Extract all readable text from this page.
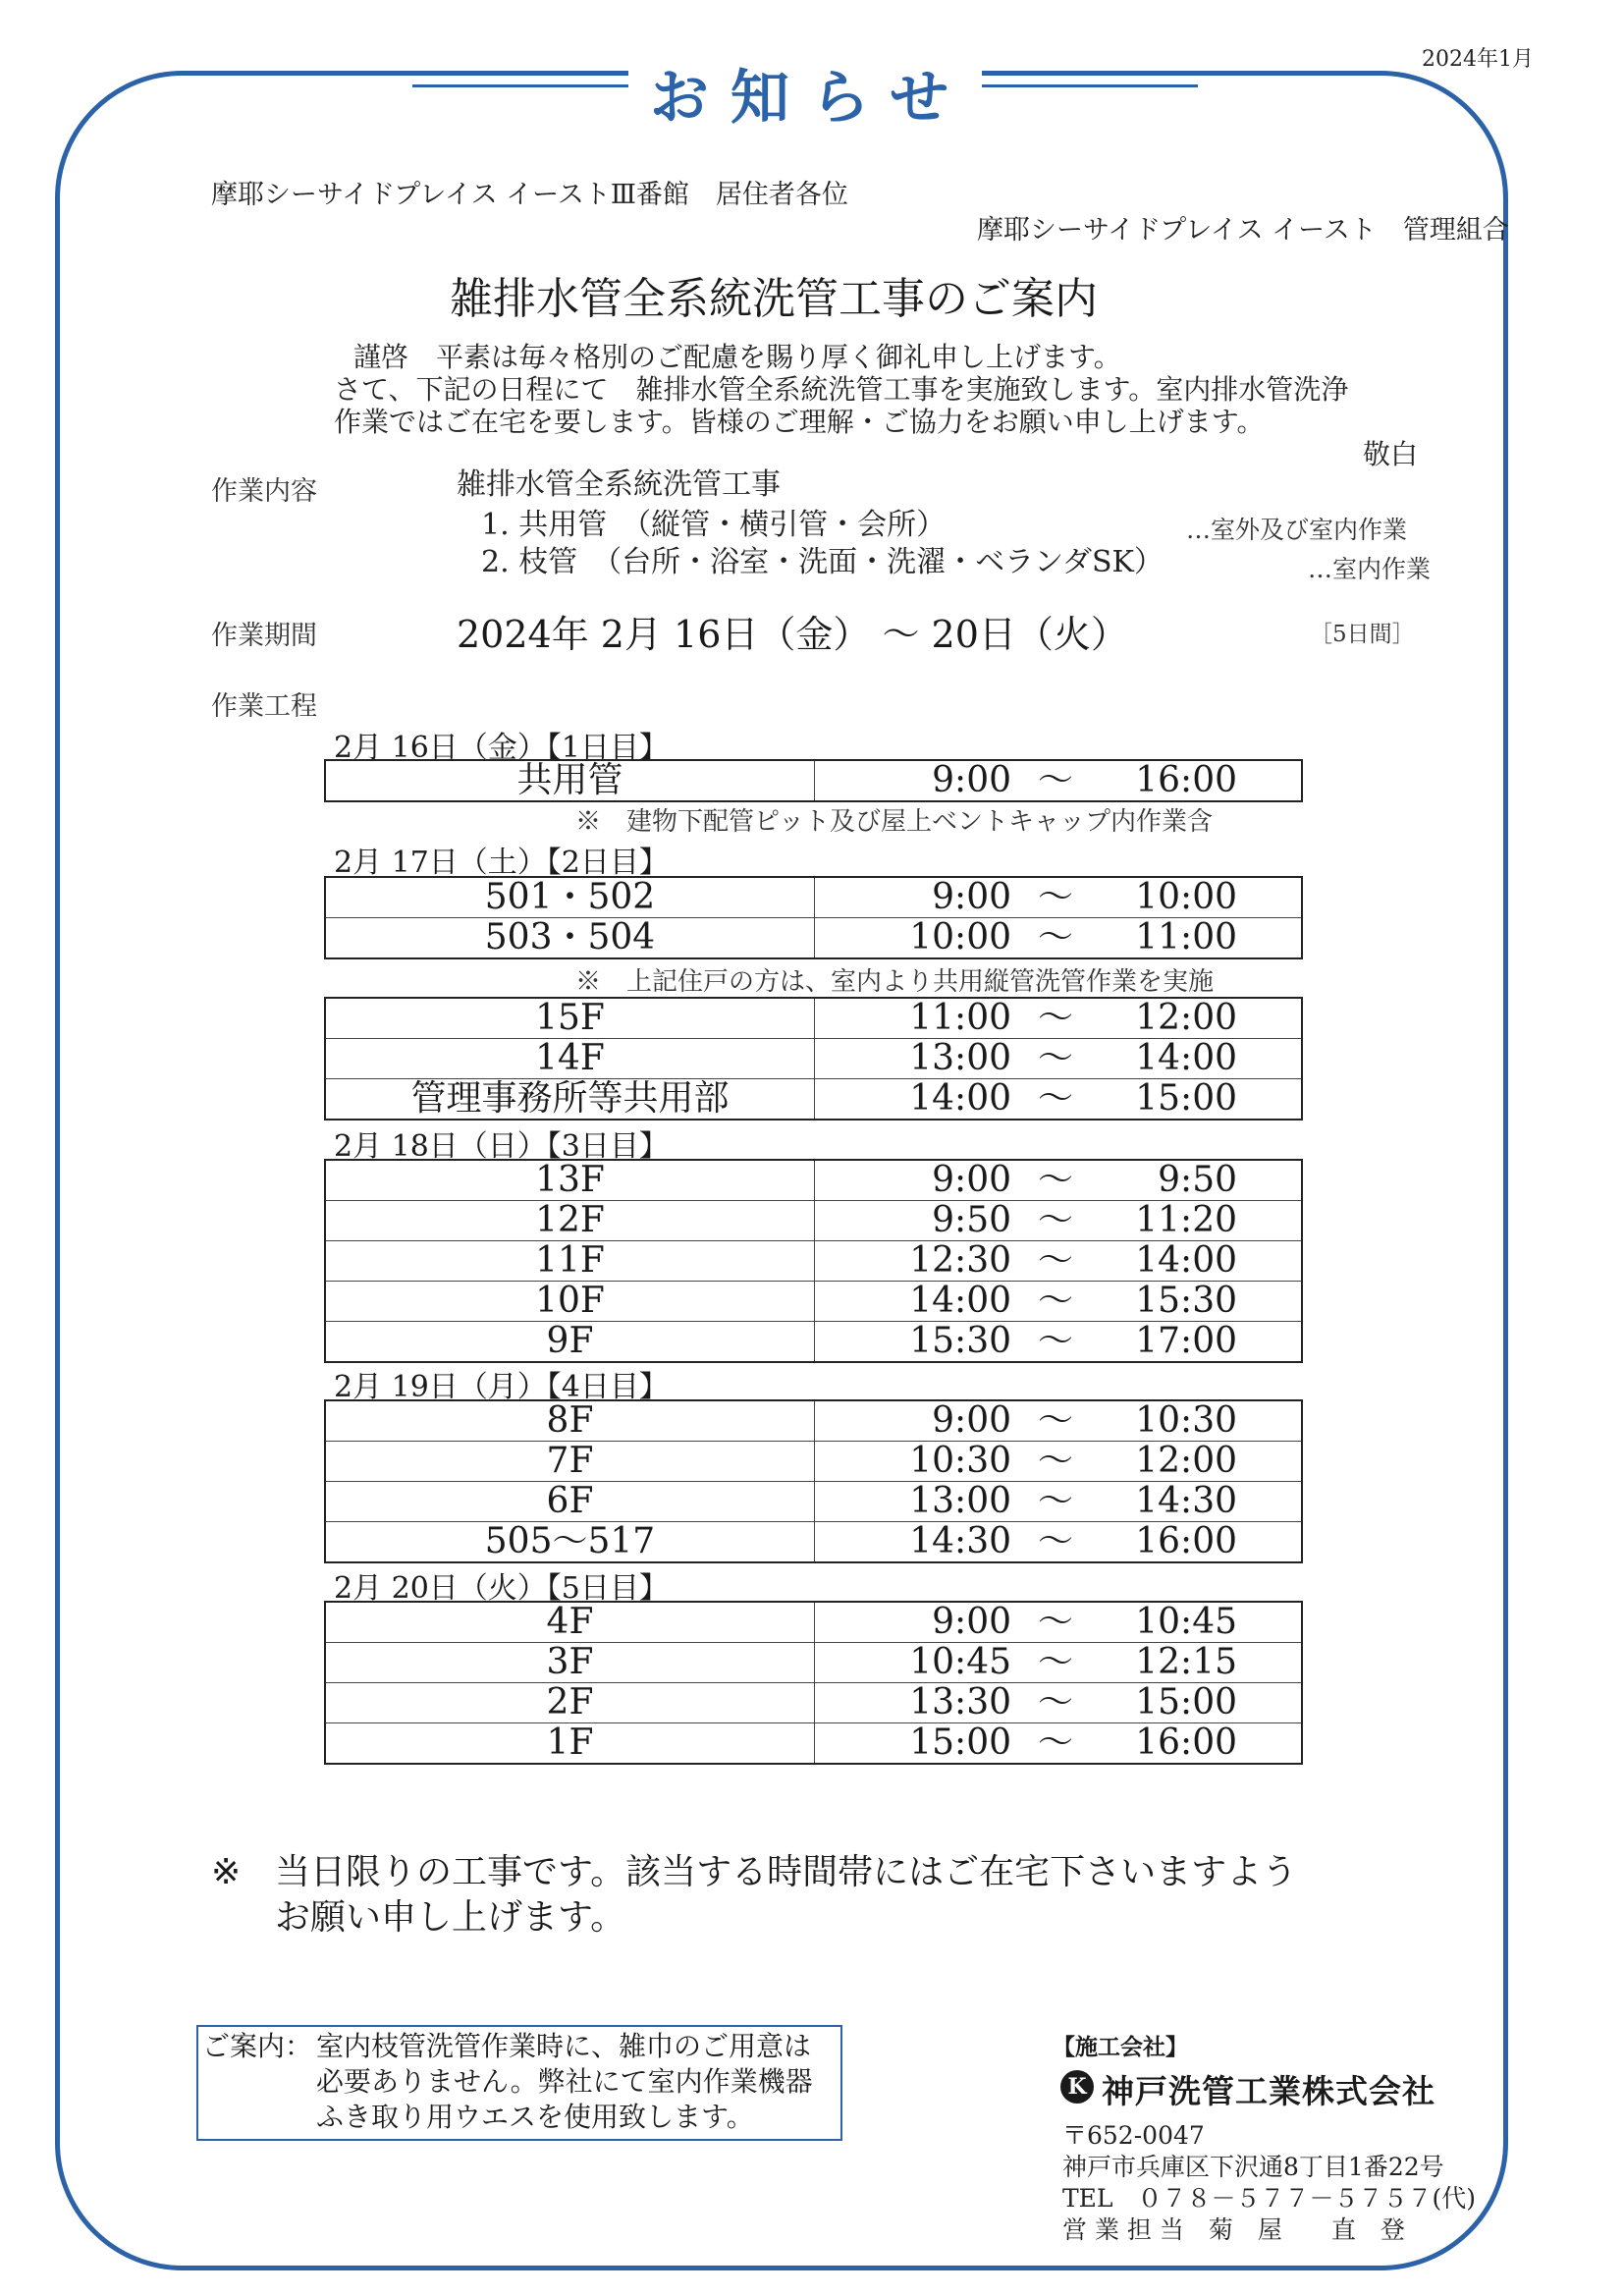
お知らせ
2024年1月
摩耶シーサイドプレイス イーストⅢ番館　居住者各位
摩耶シーサイドプレイス イースト　管理組合
雑排水管全系統洗管工事のご案内
謹啓　平素は毎々格別のご配慮を賜り厚く御礼申し上げます。
さて、下記の日程にて　雑排水管全系統洗管工事を実施致します。室内排水管洗浄
作業ではご在宅を要します。皆様のご理解・ご協力をお願い申し上げます。
敬白
作業内容	雑排水管全系統洗管工事
1. 共用管　（縦管・横引管・会所）	…室外及び室内作業
2. 枝管　（台所・浴室・洗面・洗濯・ベランダSK）	…室内作業
作業期間	2024年 2月 16日（金） ～ 20日（火）	［5日間］
作業工程
2月 16日（金）【1日目】
共用管	9:00 ～ 16:00
※　建物下配管ピット及び屋上ベントキャップ内作業含
2月 17日（土）【2日目】
501・502	9:00 ～ 10:00
503・504	10:00 ～ 11:00
※　上記住戸の方は、室内より共用縦管洗管作業を実施
15F	11:00 ～ 12:00
14F	13:00 ～ 14:00
管理事務所等共用部	14:00 ～ 15:00
2月 18日（日）【3日目】
13F	9:00 ～ 9:50
12F	9:50 ～ 11:20
11F	12:30 ～ 14:00
10F	14:00 ～ 15:30
9F	15:30 ～ 17:00
2月 19日（月）【4日目】
8F	9:00 ～ 10:30
7F	10:30 ～ 12:00
6F	13:00 ～ 14:30
505～517	14:30 ～ 16:00
2月 20日（火）【5日目】
4F	9:00 ～ 10:45
3F	10:45 ～ 12:15
2F	13:30 ～ 15:00
1F	15:00 ～ 16:00
※ 当日限りの工事です。該当する時間帯にはご在宅下さいますよう
お願い申し上げます。
ご案内： 室内枝管洗管作業時に、雑巾のご用意は
必要ありません。弊社にて室内作業機器
ふき取り用ウエスを使用致します。
【施工会社】
K 神戸洗管工業株式会社
〒652-0047
神戸市兵庫区下沢通8丁目1番22号
TEL　０７８－５７７－５７５７(代)
営 業 担 当　菊　屋　　直　登
